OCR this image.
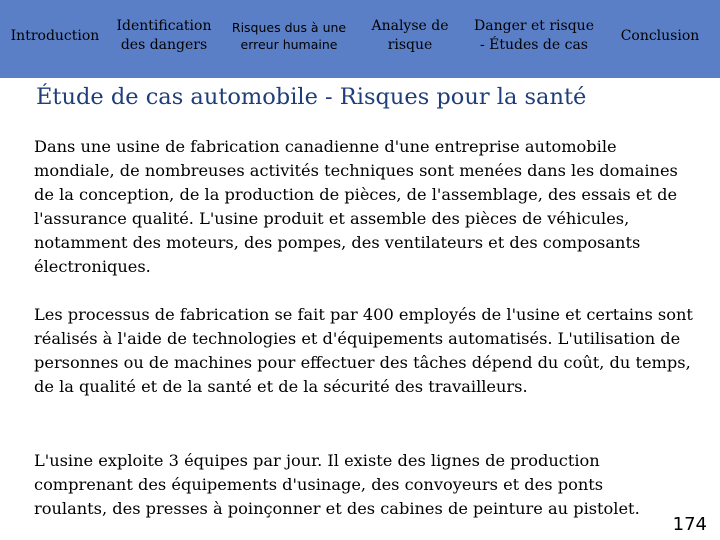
Introduction
Identification des dangers
Risques dus à une erreur humaine
Analyse de risque
Danger et risque - Études de cas
Conclusion
Étude de cas automobile - Risques pour la santé

Dans une usine de fabrication canadienne d'une entreprise automobile mondiale, de nombreuses activités techniques sont menées dans les domaines de la conception, de la production de pièces, de l'assemblage, des essais et de l'assurance qualité. L'usine produit et assemble des pièces de véhicules, notamment des moteurs, des pompes, des ventilateurs et des composants électroniques.

Les processus de fabrication se fait par 400 employés de l'usine et certains sont réalisés à l'aide de technologies et d'équipements automatisés. L'utilisation de personnes ou de machines pour effectuer des tâches dépend du coût, du temps, de la qualité et de la santé et de la sécurité des travailleurs.

L'usine exploite 3 équipes par jour. Il existe des lignes de production comprenant des équipements d'usinage, des convoyeurs et des ponts roulants, des presses à poinçonner et des cabines de peinture au pistolet.

174
